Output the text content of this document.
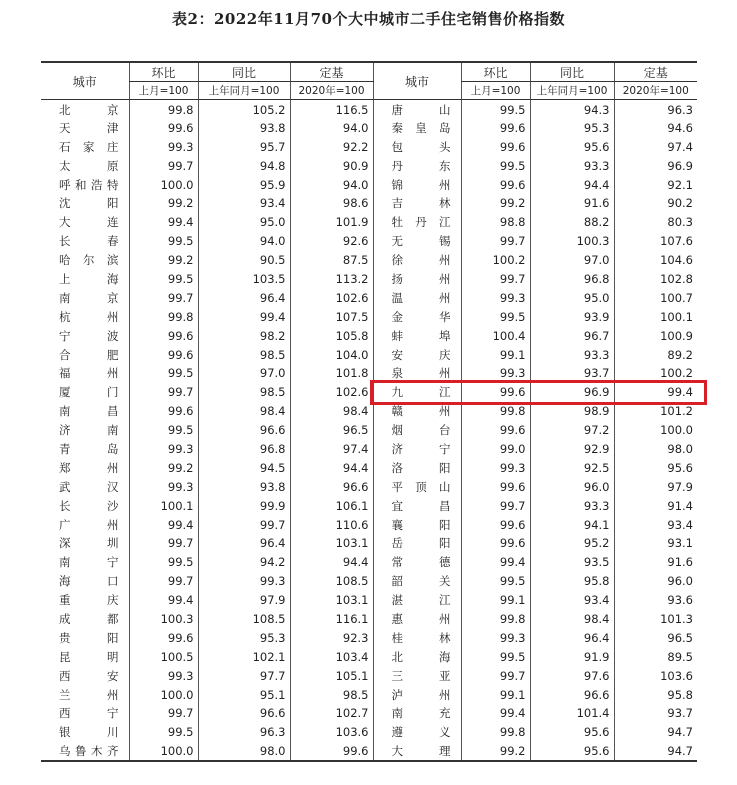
表2：2022年11月70个大中城市二手住宅销售价格指数
城市	环比	同比	定基	城市	环比	同比	定基
	上月=100	上年同月=100	2020年=100		上月=100	上年同月=100	2020年=100
北京	99.8	105.2	116.5	唐山	99.5	94.3	96.3
天津	99.6	93.8	94.0	秦皇岛	99.6	95.3	94.6
石家庄	99.3	95.7	92.2	包头	99.6	95.6	97.4
太原	99.7	94.8	90.9	丹东	99.5	93.3	96.9
呼和浩特	100.0	95.9	94.0	锦州	99.6	94.4	92.1
沈阳	99.2	93.4	98.6	吉林	99.2	91.6	90.2
大连	99.4	95.0	101.9	牡丹江	98.8	88.2	80.3
长春	99.5	94.0	92.6	无锡	99.7	100.3	107.6
哈尔滨	99.2	90.5	87.5	徐州	100.2	97.0	104.6
上海	99.5	103.5	113.2	扬州	99.7	96.8	102.8
南京	99.7	96.4	102.6	温州	99.3	95.0	100.7
杭州	99.8	99.4	107.5	金华	99.5	93.9	100.1
宁波	99.6	98.2	105.8	蚌埠	100.4	96.7	100.9
合肥	99.6	98.5	104.0	安庆	99.1	93.3	89.2
福州	99.5	97.0	101.8	泉州	99.3	93.7	100.2
厦门	99.7	98.5	102.6	九江	99.6	96.9	99.4
南昌	99.6	98.4	98.4	赣州	99.8	98.9	101.2
济南	99.5	96.6	96.5	烟台	99.6	97.2	100.0
青岛	99.3	96.8	97.4	济宁	99.0	92.9	98.0
郑州	99.2	94.5	94.4	洛阳	99.3	92.5	95.6
武汉	99.3	93.8	96.6	平顶山	99.6	96.0	97.9
长沙	100.1	99.9	106.1	宜昌	99.7	93.3	91.4
广州	99.4	99.7	110.6	襄阳	99.6	94.1	93.4
深圳	99.7	96.4	103.1	岳阳	99.6	95.2	93.1
南宁	99.5	94.2	94.4	常德	99.4	93.5	91.6
海口	99.7	99.3	108.5	韶关	99.5	95.8	96.0
重庆	99.4	97.9	103.1	湛江	99.1	93.4	93.6
成都	100.3	108.5	116.1	惠州	99.8	98.4	101.3
贵阳	99.6	95.3	92.3	桂林	99.3	96.4	96.5
昆明	100.5	102.1	103.4	北海	99.5	91.9	89.5
西安	99.3	97.7	105.1	三亚	99.7	97.6	103.6
兰州	100.0	95.1	98.5	泸州	99.1	96.6	95.8
西宁	99.7	96.6	102.7	南充	99.4	101.4	93.7
银川	99.5	96.3	103.6	遵义	99.8	95.6	94.7
乌鲁木齐	100.0	98.0	99.6	大理	99.2	95.6	94.7
